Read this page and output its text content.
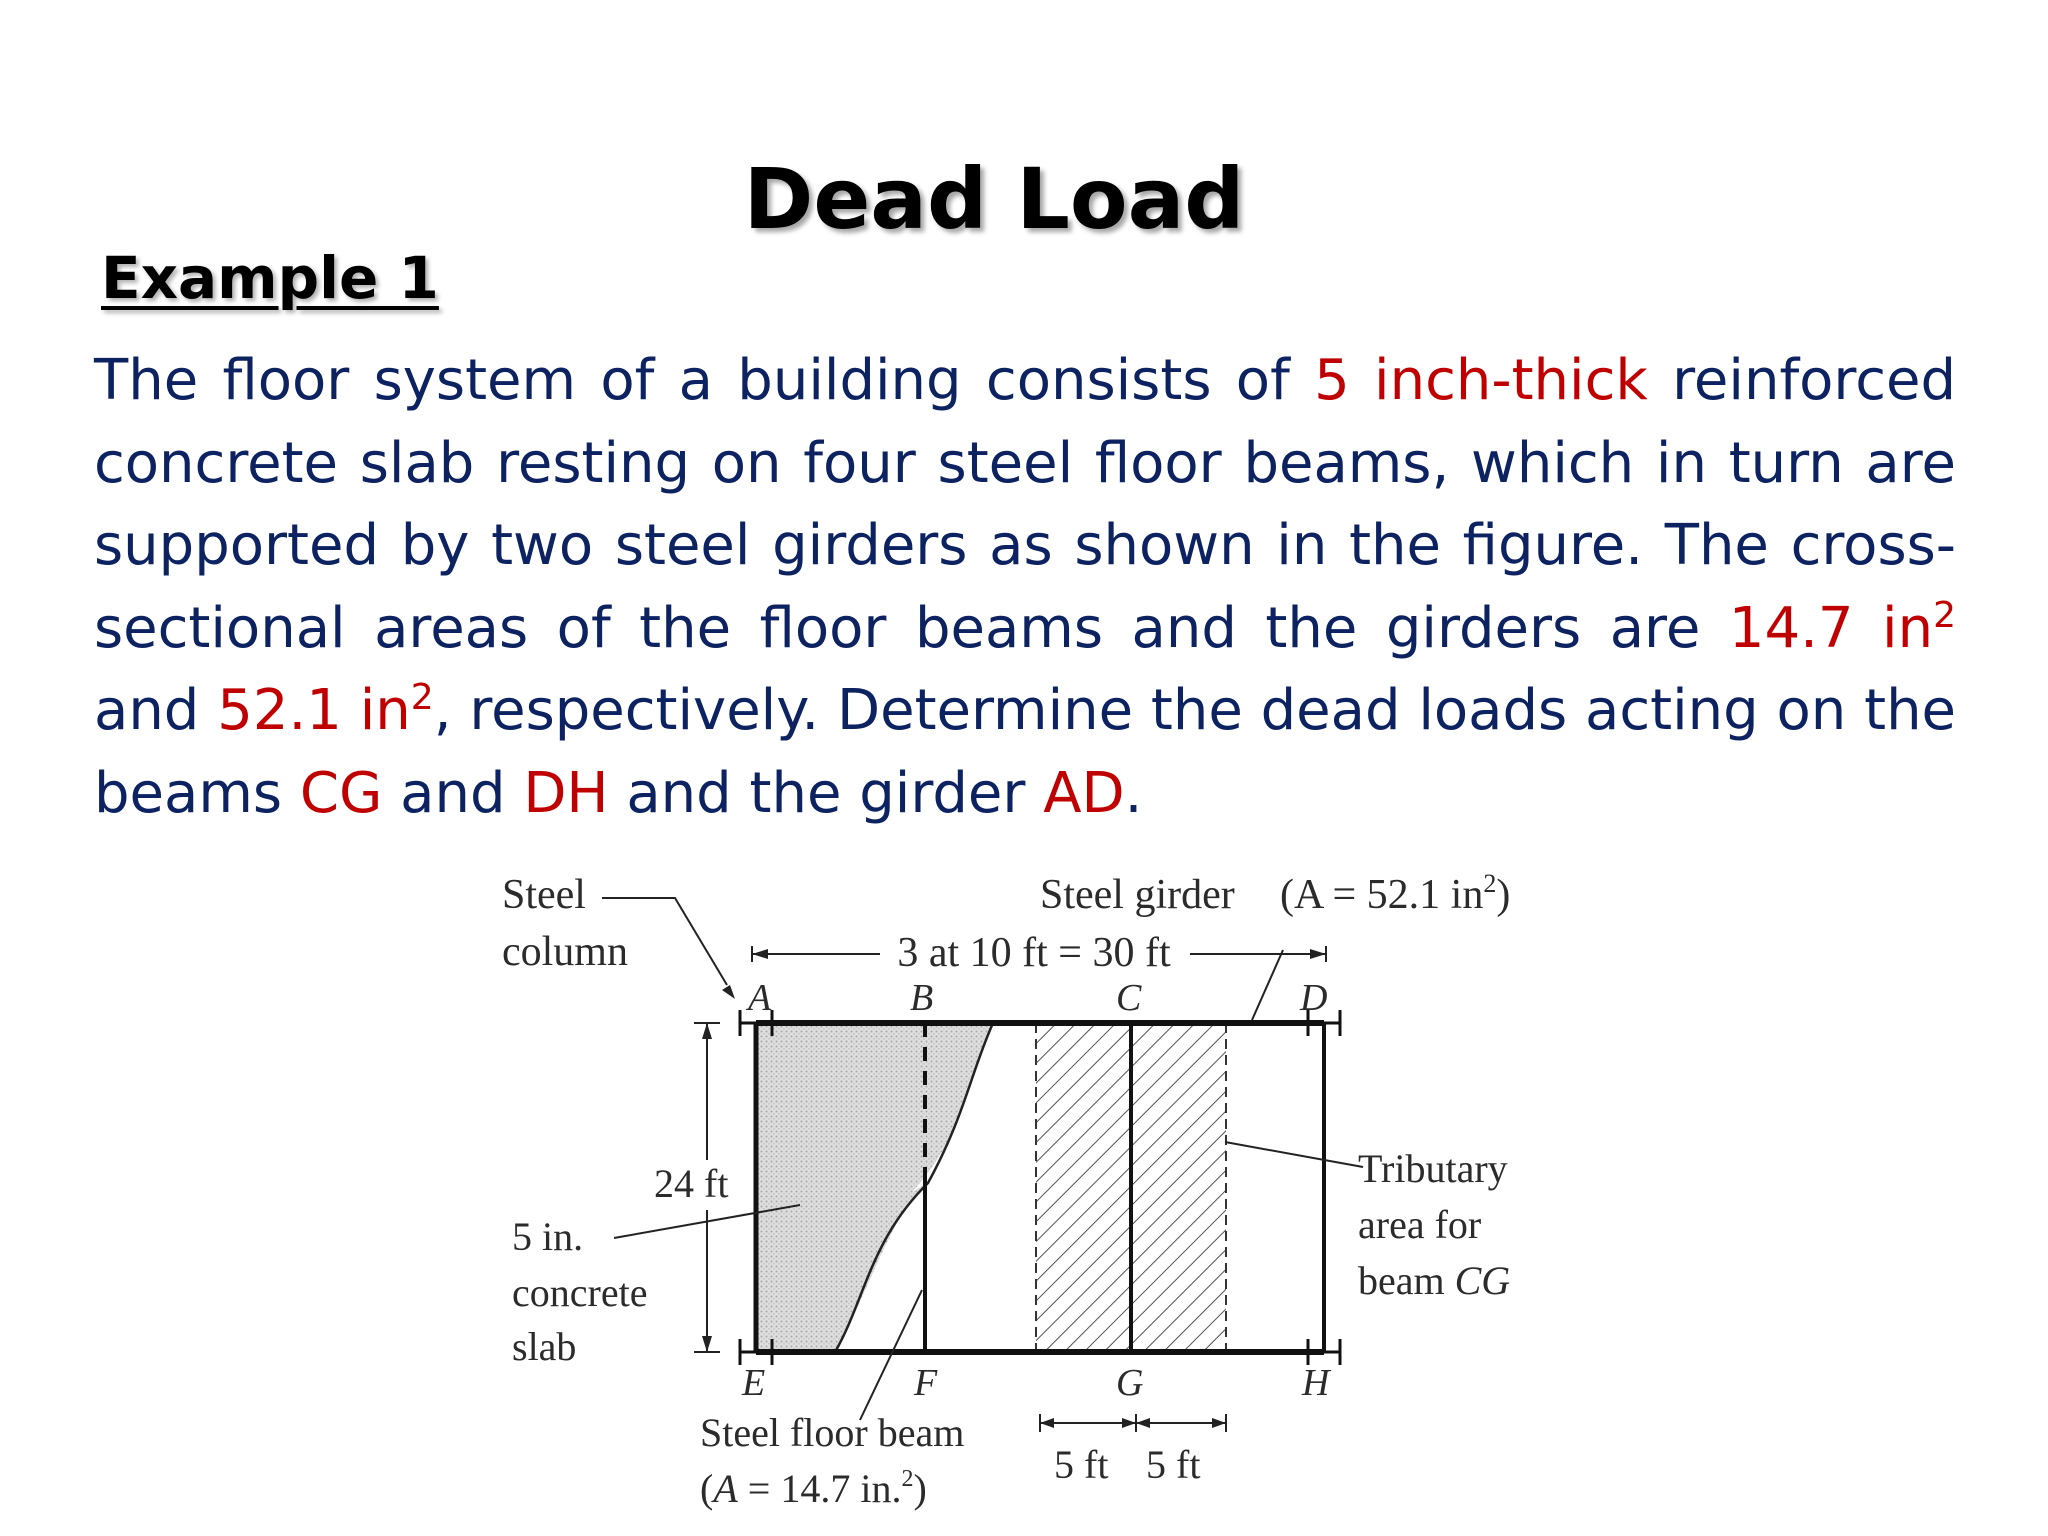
Dead Load
Example 1
The floor system of a building consists of 5 inch-thick reinforced concrete slab resting on four steel floor beams, which in turn are supported by two steel girders as shown in the figure. The cross-sectional areas of the floor beams and the girders are 14.7 $in^2$ and 52.1 $in^2$, respectively. Determine the dead loads acting on the beams CG and DH and the girder AD.
Steel
column
Steel girder (A = 52.1 $in^2$)
3 at 10 ft = 30 ft
A	B	C	D
E	F	G	H
24 ft
5 in.
concrete
slab
Tributary
area for
beam CG
Steel floor beam
(A = 14.7 in.$^2$)
5 ft 5 ft
